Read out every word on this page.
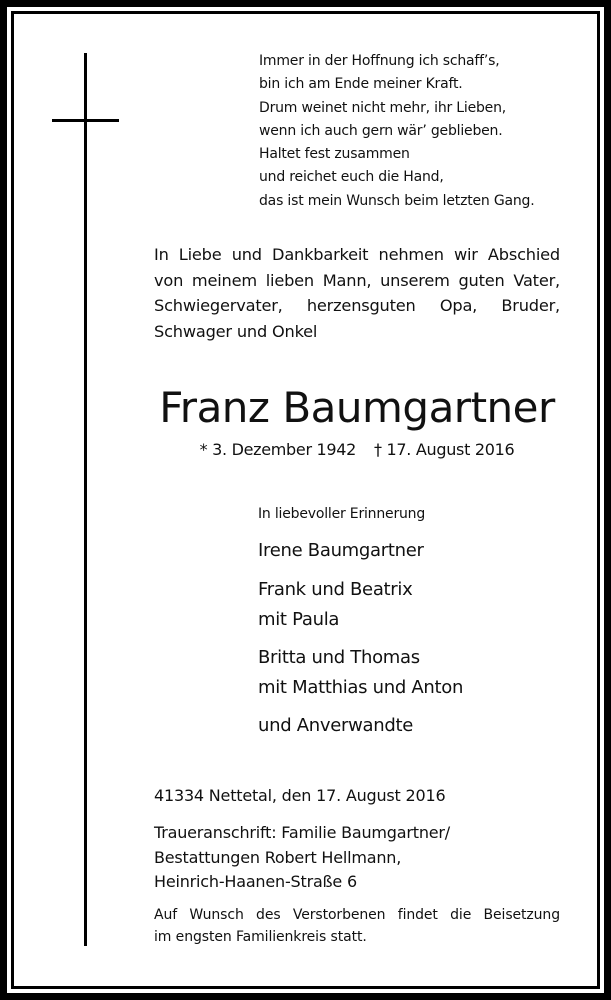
Immer in der Hoffnung ich schaff’s,
bin ich am Ende meiner Kraft.
Drum weinet nicht mehr, ihr Lieben,
wenn ich auch gern wär’ geblieben.
Haltet fest zusammen
und reichet euch die Hand,
das ist mein Wunsch beim letzten Gang.
In Liebe und Dankbarkeit nehmen wir Abschied
von meinem lieben Mann, unserem guten Vater,
Schwiegervater, herzensguten Opa, Bruder,
Schwager und Onkel
Franz Baumgartner
* 3. Dezember 1942 † 17. August 2016
In liebevoller Erinnerung
Irene Baumgartner
Frank und Beatrix
mit Paula
Britta und Thomas
mit Matthias und Anton
und Anverwandte
41334 Nettetal, den 17. August 2016
Traueranschrift: Familie Baumgartner/
Bestattungen Robert Hellmann,
Heinrich-Haanen-Straße 6
Auf Wunsch des Verstorbenen findet die Beisetzung
im engsten Familienkreis statt.
